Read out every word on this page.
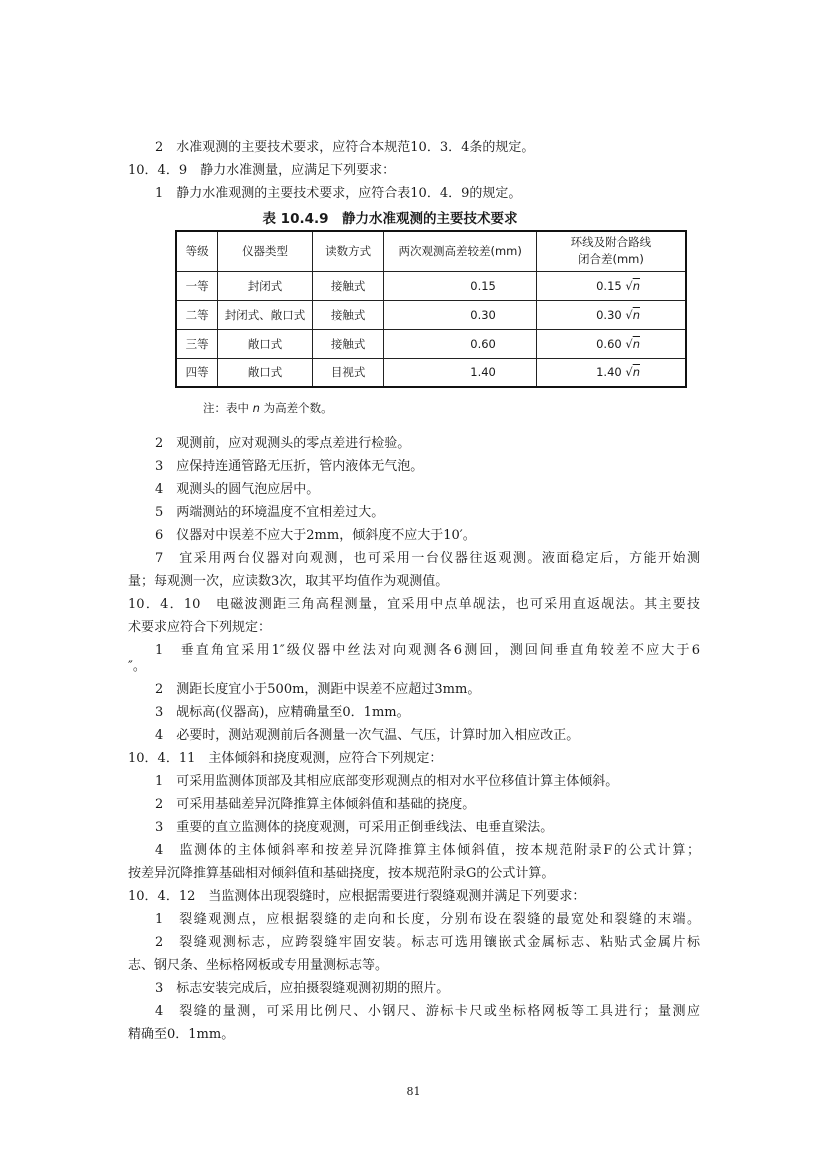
2　水准观测的主要技术要求，应符合本规范10．3．4条的规定。
10．4．9　静力水准测量，应满足下列要求：
1　静力水准观测的主要技术要求，应符合表10．4．9的规定。
表 10.4.9　静力水准观测的主要技术要求
等级	仪器类型	读数方式	两次观测高差较差(mm)	环线及附合路线
闭合差(mm)
一等	封闭式	接触式	0.15	0.15 √n
二等	封闭式、敞口式	接触式	0.30	0.30 √n
三等	敞口式	接触式	0.60	0.60 √n
四等	敞口式	目视式	1.40	1.40 √n
注：表中 n 为高差个数。
2　观测前，应对观测头的零点差进行检验。
3　应保持连通管路无压折，管内液体无气泡。
4　观测头的圆气泡应居中。
5　两端测站的环境温度不宜相差过大。
6　仪器对中误差不应大于2mm，倾斜度不应大于10′。
7　宜采用两台仪器对向观测，也可采用一台仪器往返观测。液面稳定后，方能开始测
量；每观测一次，应读数3次，取其平均值作为观测值。
10．4．10　电磁波测距三角高程测量，宜采用中点单觇法，也可采用直返觇法。其主要技
术要求应符合下列规定：
1　垂直角宜采用1″级仪器中丝法对向观测各6测回，测回间垂直角较差不应大于6
″。
2　测距长度宜小于500m，测距中误差不应超过3mm。
3　觇标高(仪器高)，应精确量至0．1mm。
4　必要时，测站观测前后各测量一次气温、气压，计算时加入相应改正。
10．4．11　主体倾斜和挠度观测，应符合下列规定：
1　可采用监测体顶部及其相应底部变形观测点的相对水平位移值计算主体倾斜。
2　可采用基础差异沉降推算主体倾斜值和基础的挠度。
3　重要的直立监测体的挠度观测，可采用正倒垂线法、电垂直梁法。
4　监测体的主体倾斜率和按差异沉降推算主体倾斜值，按本规范附录F的公式计算；
按差异沉降推算基础相对倾斜值和基础挠度，按本规范附录G的公式计算。
10．4．12　当监测体出现裂缝时，应根据需要进行裂缝观测并满足下列要求：
1　裂缝观测点，应根据裂缝的走向和长度，分别布设在裂缝的最宽处和裂缝的末端。
2　裂缝观测标志，应跨裂缝牢固安装。标志可选用镶嵌式金属标志、粘贴式金属片标
志、钢尺条、坐标格网板或专用量测标志等。
3　标志安装完成后，应拍摄裂缝观测初期的照片。
4　裂缝的量测，可采用比例尺、小钢尺、游标卡尺或坐标格网板等工具进行；量测应
精确至0．1mm。
81
